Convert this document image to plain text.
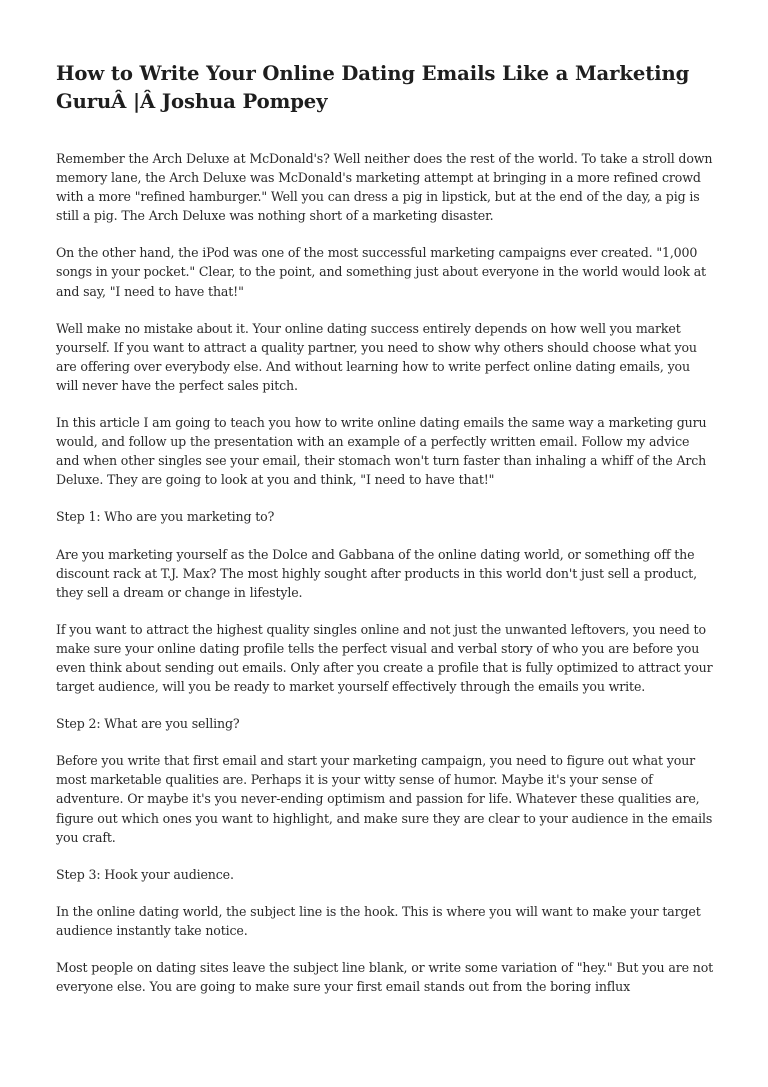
How to Write Your Online Dating Emails Like a Marketing GuruÂ |Â Joshua Pompey

Remember the Arch Deluxe at McDonald's? Well neither does the rest of the world. To take a stroll down memory lane, the Arch Deluxe was McDonald's marketing attempt at bringing in a more refined crowd with a more "refined hamburger." Well you can dress a pig in lipstick, but at the end of the day, a pig is still a pig. The Arch Deluxe was nothing short of a marketing disaster.

On the other hand, the iPod was one of the most successful marketing campaigns ever created. "1,000 songs in your pocket." Clear, to the point, and something just about everyone in the world would look at and say, "I need to have that!"

Well make no mistake about it. Your online dating success entirely depends on how well you market yourself. If you want to attract a quality partner, you need to show why others should choose what you are offering over everybody else. And without learning how to write perfect online dating emails, you will never have the perfect sales pitch.

In this article I am going to teach you how to write online dating emails the same way a marketing guru would, and follow up the presentation with an example of a perfectly written email. Follow my advice and when other singles see your email, their stomach won't turn faster than inhaling a whiff of the Arch Deluxe. They are going to look at you and think, "I need to have that!"

Step 1: Who are you marketing to?

Are you marketing yourself as the Dolce and Gabbana of the online dating world, or something off the discount rack at T.J. Max? The most highly sought after products in this world don't just sell a product, they sell a dream or change in lifestyle.

If you want to attract the highest quality singles online and not just the unwanted leftovers, you need to make sure your online dating profile tells the perfect visual and verbal story of who you are before you even think about sending out emails. Only after you create a profile that is fully optimized to attract your target audience, will you be ready to market yourself effectively through the emails you write.

Step 2: What are you selling?

Before you write that first email and start your marketing campaign, you need to figure out what your most marketable qualities are. Perhaps it is your witty sense of humor. Maybe it's your sense of adventure. Or maybe it's you never-ending optimism and passion for life. Whatever these qualities are, figure out which ones you want to highlight, and make sure they are clear to your audience in the emails you craft.

Step 3: Hook your audience.

In the online dating world, the subject line is the hook. This is where you will want to make your target audience instantly take notice.

Most people on dating sites leave the subject line blank, or write some variation of "hey." But you are not everyone else. You are going to make sure your first email stands out from the boring influx
